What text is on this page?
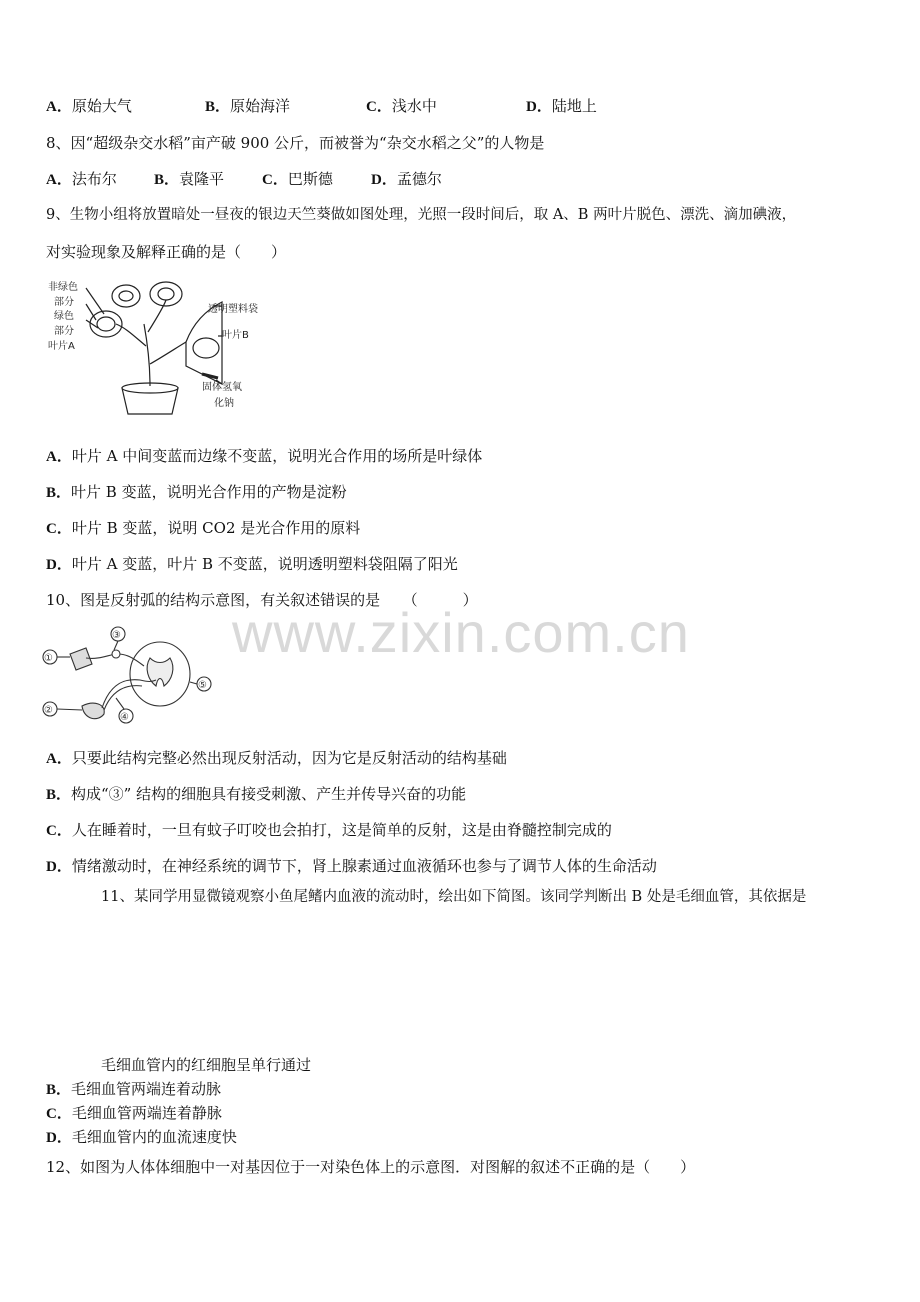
www.zixin.com.cn
A．原始大气	B．原始海洋	C．浅水中	D．陆地上
8、因“超级杂交水稻”亩产破 900 公斤，而被誉为“杂交水稻之父”的人物是
A．法布尔 B．袁隆平	C．巴斯德	D．孟德尔
9、生物小组将放置暗处一昼夜的银边天竺葵做如图处理，光照一段时间后，取 A、B 两叶片脱色、漂洗、滴加碘液，
对实验现象及解释正确的是（　　）
非绿色
部分
绿色
部分
叶片A
透明塑料袋
叶片B
固体氢氧
化钠
A．叶片 A 中间变蓝而边缘不变蓝，说明光合作用的场所是叶绿体
B．叶片 B 变蓝，说明光合作用的产物是淀粉
C．叶片 B 变蓝，说明 CO2 是光合作用的原料
D．叶片 A 变蓝，叶片 B 不变蓝，说明透明塑料袋阻隔了阳光
10、图是反射弧的结构示意图，有关叙述错误的是　　（　　　）
①
②
③
④
⑤
A．只要此结构完整必然出现反射活动，因为它是反射活动的结构基础
B．构成“③” 结构的细胞具有接受刺激、产生并传导兴奋的功能
C．人在睡着时，一旦有蚊子叮咬也会拍打，这是简单的反射，这是由脊髓控制完成的
D．情绪激动时，在神经系统的调节下，肾上腺素通过血液循环也参与了调节人体的生命活动
11、某同学用显微镜观察小鱼尾鳍内血液的流动时，绘出如下简图。该同学判断出 B 处是毛细血管，其依据是
毛细血管内的红细胞呈单行通过
B．毛细血管两端连着动脉
C．毛细血管两端连着静脉
D．毛细血管内的血流速度快
12、如图为人体体细胞中一对基因位于一对染色体上的示意图．对图解的叙述不正确的是（　　）
